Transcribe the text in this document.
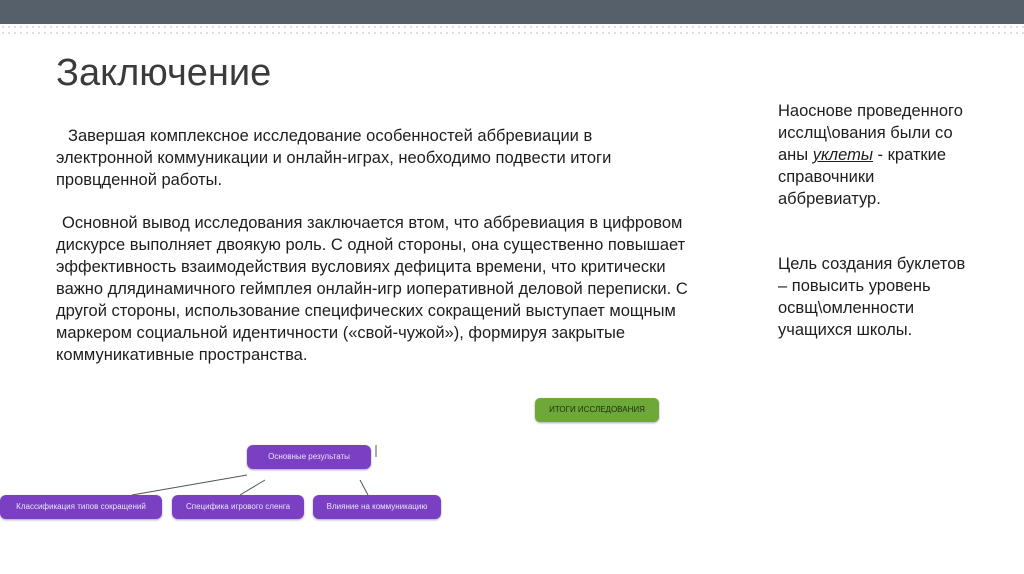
Заключение

Завершая комплексное исследование особенностей аббревиации в электронной коммуникации и онлайн-играх, необходимо подвести итоги провцденной работы.

Основной вывод исследования заключается втом, что аббревиация в цифровом дискурсе выполняет двоякую роль. С одной стороны, она существенно повышает эффективность взаимодействия вусловиях дефицита времени, что критически важно длядинамичного геймплея онлайн-игр иоперативной деловой переписки. С другой стороны, использование специфических сокращений выступает мощным маркером социальной идентичности («свой-чужой»), формируя закрытые коммуникативные пространства.

Наоснове проведенного исслщ\ования были со аны уклеты - краткие справочники аббревиатур.

Цель создания буклетов – повысить уровень освщ\омленности учащихся школы.

ИТОГИ ИССЛЕДОВАНИЯ
Основные результаты
Классификация типов сокращений	Специфика игрового сленга	Влияние на коммуникацию
